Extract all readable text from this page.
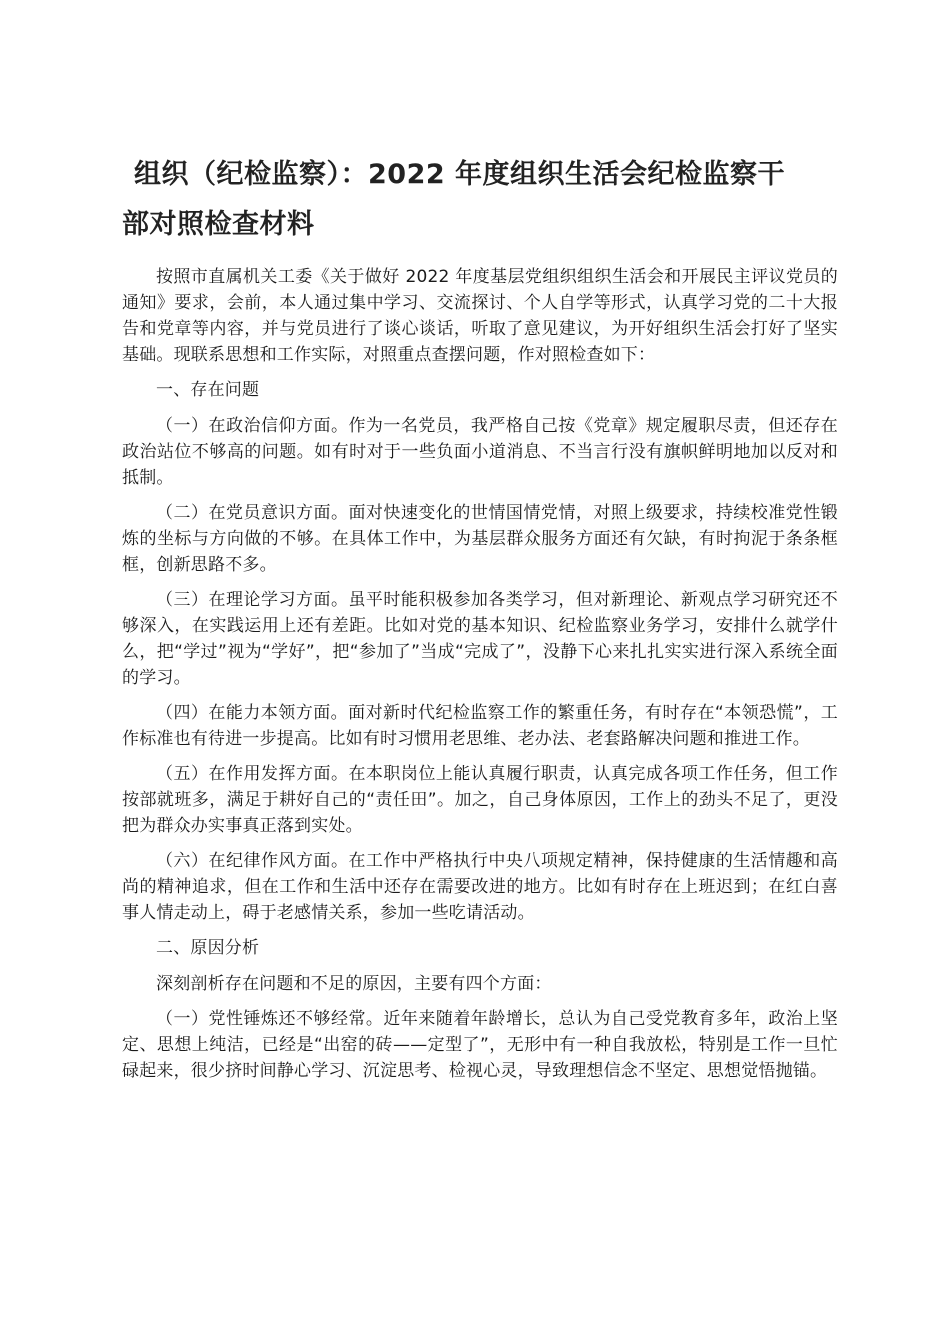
组织（纪检监察）：2022 年度组织生活会纪检监察干
部对照检查材料

按照市直属机关工委《关于做好 2022 年度基层党组织组织生活会和开展民主评议党员的通知》要求，会前，本人通过集中学习、交流探讨、个人自学等形式，认真学习党的二十大报告和党章等内容，并与党员进行了谈心谈话，听取了意见建议，为开好组织生活会打好了坚实基础。现联系思想和工作实际，对照重点查摆问题，作对照检查如下：

一、存在问题

（一）在政治信仰方面。作为一名党员，我严格自己按《党章》规定履职尽责，但还存在政治站位不够高的问题。如有时对于一些负面小道消息、不当言行没有旗帜鲜明地加以反对和抵制。

（二）在党员意识方面。面对快速变化的世情国情党情，对照上级要求，持续校准党性锻炼的坐标与方向做的不够。在具体工作中，为基层群众服务方面还有欠缺，有时拘泥于条条框框，创新思路不多。

（三）在理论学习方面。虽平时能积极参加各类学习，但对新理论、新观点学习研究还不够深入，在实践运用上还有差距。比如对党的基本知识、纪检监察业务学习，安排什么就学什么，把“学过”视为“学好”，把“参加了”当成“完成了”，没静下心来扎扎实实进行深入系统全面的学习。

（四）在能力本领方面。面对新时代纪检监察工作的繁重任务，有时存在“本领恐慌”，工作标准也有待进一步提高。比如有时习惯用老思维、老办法、老套路解决问题和推进工作。

（五）在作用发挥方面。在本职岗位上能认真履行职责，认真完成各项工作任务，但工作按部就班多，满足于耕好自己的“责任田”。加之，自己身体原因，工作上的劲头不足了，更没把为群众办实事真正落到实处。

（六）在纪律作风方面。在工作中严格执行中央八项规定精神，保持健康的生活情趣和高尚的精神追求，但在工作和生活中还存在需要改进的地方。比如有时存在上班迟到；在红白喜事人情走动上，碍于老感情关系，参加一些吃请活动。

二、原因分析

深刻剖析存在问题和不足的原因，主要有四个方面：

（一）党性锤炼还不够经常。近年来随着年龄增长，总认为自己受党教育多年，政治上坚定、思想上纯洁，已经是“出窑的砖——定型了”，无形中有一种自我放松，特别是工作一旦忙碌起来，很少挤时间静心学习、沉淀思考、检视心灵，导致理想信念不坚定、思想觉悟抛锚。
